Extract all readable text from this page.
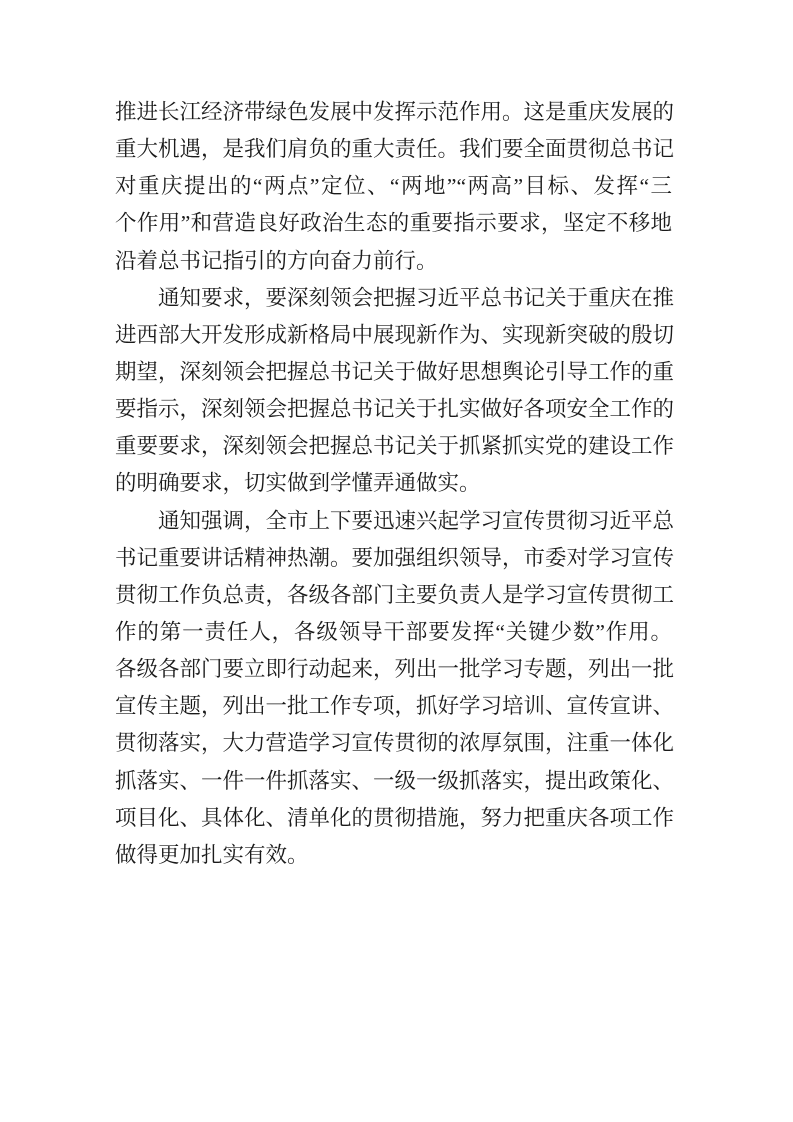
推进长江经济带绿色发展中发挥示范作用。这是重庆发展的
重大机遇，是我们肩负的重大责任。我们要全面贯彻总书记
对重庆提出的“两点”定位、“两地”“两高”目标、发挥“三
个作用”和营造良好政治生态的重要指示要求，坚定不移地
沿着总书记指引的方向奋力前行。
通知要求，要深刻领会把握习近平总书记关于重庆在推
进西部大开发形成新格局中展现新作为、实现新突破的殷切
期望，深刻领会把握总书记关于做好思想舆论引导工作的重
要指示，深刻领会把握总书记关于扎实做好各项安全工作的
重要要求，深刻领会把握总书记关于抓紧抓实党的建设工作
的明确要求，切实做到学懂弄通做实。
通知强调，全市上下要迅速兴起学习宣传贯彻习近平总
书记重要讲话精神热潮。要加强组织领导，市委对学习宣传
贯彻工作负总责，各级各部门主要负责人是学习宣传贯彻工
作的第一责任人，各级领导干部要发挥“关键少数”作用。
各级各部门要立即行动起来，列出一批学习专题，列出一批
宣传主题，列出一批工作专项，抓好学习培训、宣传宣讲、
贯彻落实，大力营造学习宣传贯彻的浓厚氛围，注重一体化
抓落实、一件一件抓落实、一级一级抓落实，提出政策化、
项目化、具体化、清单化的贯彻措施，努力把重庆各项工作
做得更加扎实有效。
